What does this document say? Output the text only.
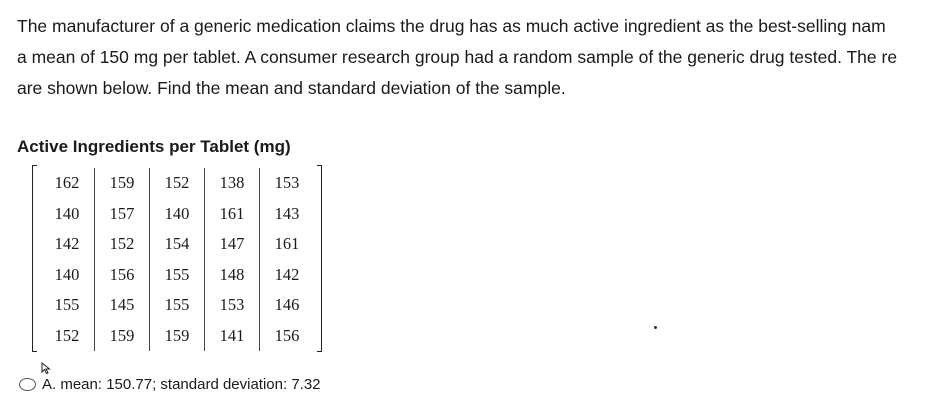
The manufacturer of a generic medication claims the drug has as much active ingredient as the best-selling nam
a mean of 150 mg per tablet. A consumer research group had a random sample of the generic drug tested. The re
are shown below. Find the mean and standard deviation of the sample.
Active Ingredients per Tablet (mg)
162	159	152	138	153
140	157	140	161	143
142	152	154	147	161
140	156	155	148	142
155	145	155	153	146
152	159	159	141	156
A. mean: 150.77; standard deviation: 7.32
